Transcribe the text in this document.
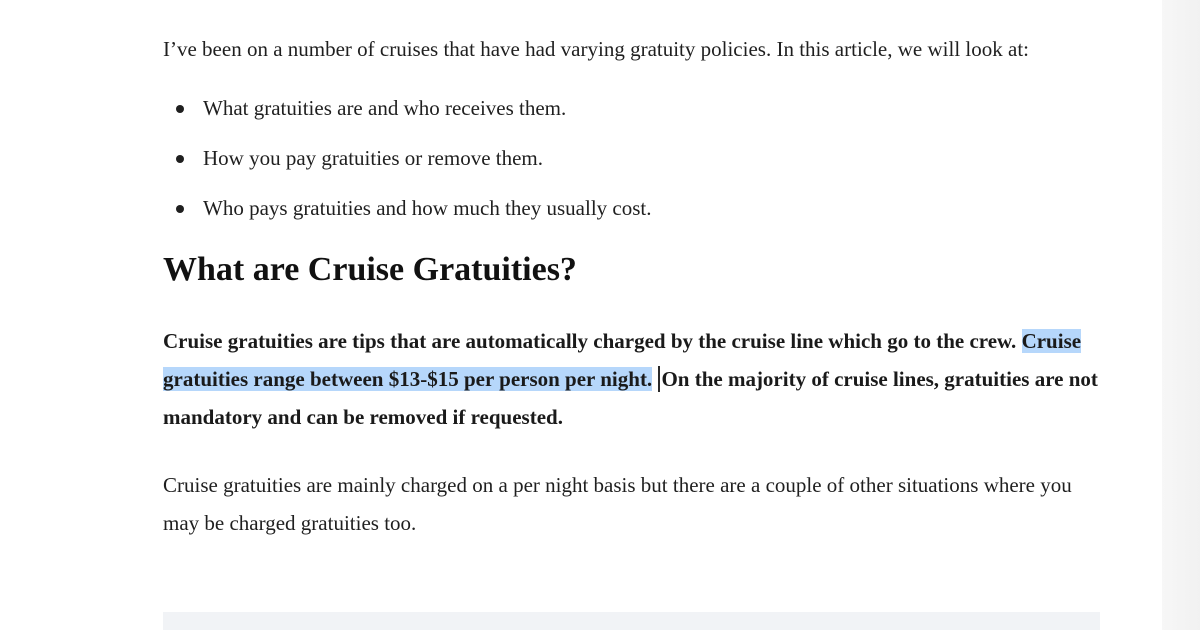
I’ve been on a number of cruises that have had varying gratuity policies. In this article, we will look at:

What gratuities are and who receives them.
How you pay gratuities or remove them.
Who pays gratuities and how much they usually cost.
What are Cruise Gratuities?

Cruise gratuities are tips that are automatically charged by the cruise line which go to the crew. Cruise gratuities range between $13-$15 per person per night. On the majority of cruise lines, gratuities are not mandatory and can be removed if requested.

Cruise gratuities are mainly charged on a per night basis but there are a couple of other situations where you may be charged gratuities too.
